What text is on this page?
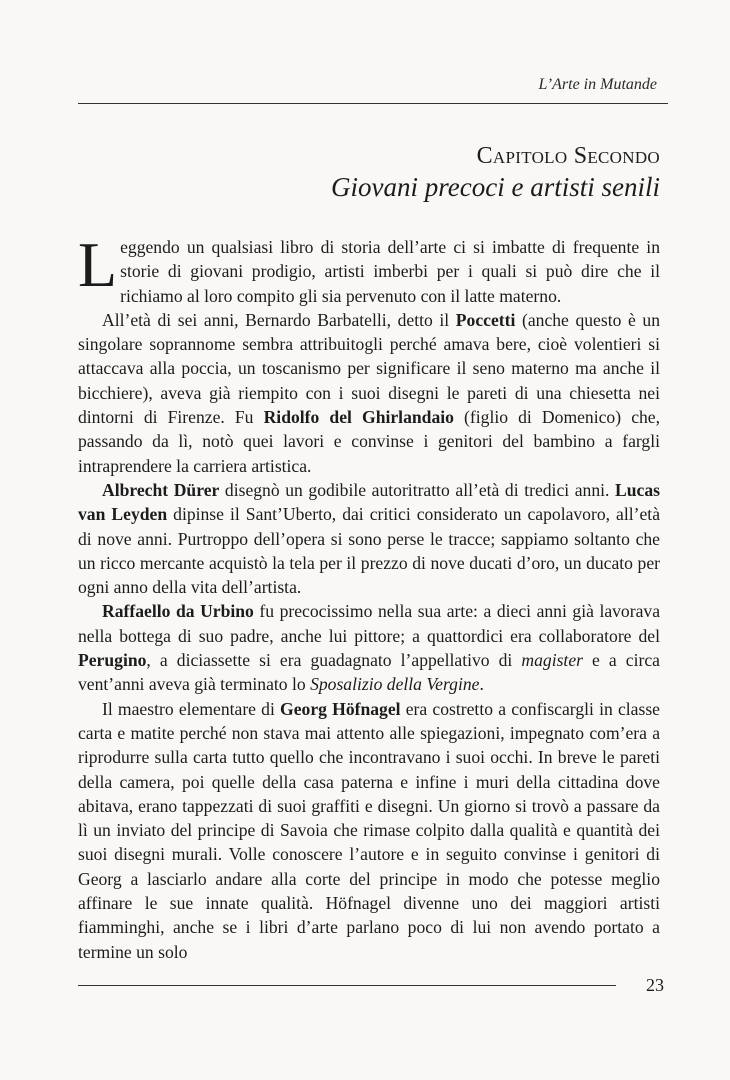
L’Arte in Mutande
Capitolo Secondo
Giovani precoci e artisti senili

Leggendo un qualsiasi libro di storia dell’arte ci si imbatte di frequente in storie di giovani prodigio, artisti imberbi per i quali si può dire che il richiamo al loro compito gli sia pervenuto con il latte materno.

All’età di sei anni, Bernardo Barbatelli, detto il Poccetti (anche questo è un singolare soprannome sembra attribuitogli perché amava bere, cioè volentieri si attaccava alla poccia, un toscanismo per significare il seno materno ma anche il bicchiere), aveva già riempito con i suoi disegni le pareti di una chiesetta nei dintorni di Firenze. Fu Ridolfo del Ghirlandaio (figlio di Domenico) che, passando da lì, notò quei lavori e convinse i genitori del bambino a fargli intraprendere la carriera artistica.

Albrecht Dürer disegnò un godibile autoritratto all’età di tredici anni. Lucas van Leyden dipinse il Sant’Uberto, dai critici considerato un capolavoro, all’età di nove anni. Purtroppo dell’opera si sono perse le tracce; sappiamo soltanto che un ricco mercante acquistò la tela per il prezzo di nove ducati d’oro, un ducato per ogni anno della vita dell’artista.

Raffaello da Urbino fu precocissimo nella sua arte: a dieci anni già lavorava nella bottega di suo padre, anche lui pittore; a quattordici era collaboratore del Perugino, a diciassette si era guadagnato l’appellativo di magister e a circa vent’anni aveva già terminato lo Sposalizio della Vergine.

Il maestro elementare di Georg Höfnagel era costretto a confiscargli in classe carta e matite perché non stava mai attento alle spiegazioni, impegnato com’era a riprodurre sulla carta tutto quello che incontravano i suoi occhi. In breve le pareti della camera, poi quelle della casa paterna e infine i muri della cittadina dove abitava, erano tappezzati di suoi graffiti e disegni. Un giorno si trovò a passare da lì un inviato del principe di Savoia che rimase colpito dalla qualità e quantità dei suoi disegni murali. Volle conoscere l’autore e in seguito convinse i genitori di Georg a lasciarlo andare alla corte del principe in modo che potesse meglio affinare le sue innate qualità. Höfnagel divenne uno dei maggiori artisti fiamminghi, anche se i libri d’arte parlano poco di lui non avendo portato a termine un solo

23
